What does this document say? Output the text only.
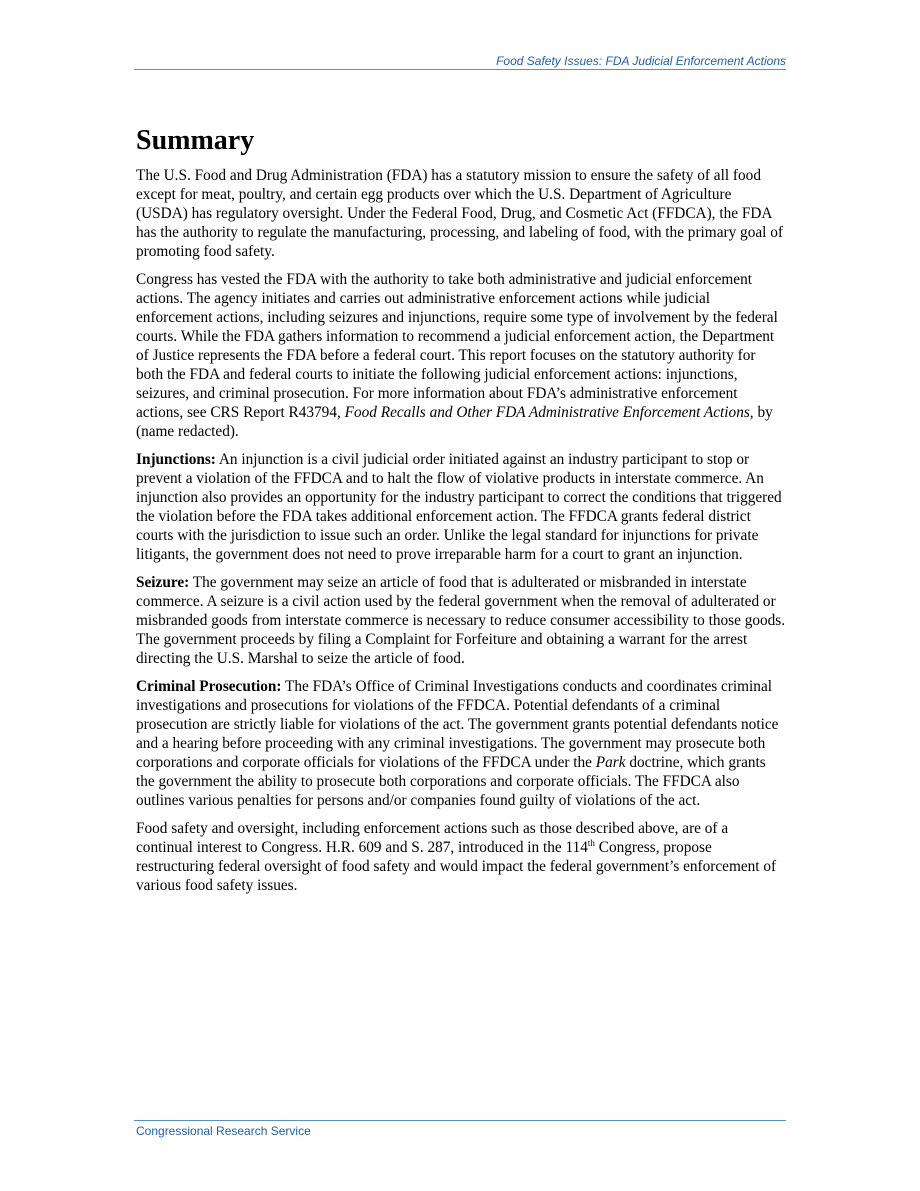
Food Safety Issues: FDA Judicial Enforcement Actions
Summary

The U.S. Food and Drug Administration (FDA) has a statutory mission to ensure the safety of all food except for meat, poultry, and certain egg products over which the U.S. Department of Agriculture (USDA) has regulatory oversight. Under the Federal Food, Drug, and Cosmetic Act (FFDCA), the FDA has the authority to regulate the manufacturing, processing, and labeling of food, with the primary goal of promoting food safety.

Congress has vested the FDA with the authority to take both administrative and judicial enforcement actions. The agency initiates and carries out administrative enforcement actions while judicial enforcement actions, including seizures and injunctions, require some type of involvement by the federal courts. While the FDA gathers information to recommend a judicial enforcement action, the Department of Justice represents the FDA before a federal court. This report focuses on the statutory authority for both the FDA and federal courts to initiate the following judicial enforcement actions: injunctions, seizures, and criminal prosecution. For more information about FDA’s administrative enforcement actions, see CRS Report R43794, Food Recalls and Other FDA Administrative Enforcement Actions, by (name redacted).

Injunctions: An injunction is a civil judicial order initiated against an industry participant to stop or prevent a violation of the FFDCA and to halt the flow of violative products in interstate commerce. An injunction also provides an opportunity for the industry participant to correct the conditions that triggered the violation before the FDA takes additional enforcement action. The FFDCA grants federal district courts with the jurisdiction to issue such an order. Unlike the legal standard for injunctions for private litigants, the government does not need to prove irreparable harm for a court to grant an injunction.

Seizure: The government may seize an article of food that is adulterated or misbranded in interstate commerce. A seizure is a civil action used by the federal government when the removal of adulterated or misbranded goods from interstate commerce is necessary to reduce consumer accessibility to those goods. The government proceeds by filing a Complaint for Forfeiture and obtaining a warrant for the arrest directing the U.S. Marshal to seize the article of food.

Criminal Prosecution: The FDA’s Office of Criminal Investigations conducts and coordinates criminal investigations and prosecutions for violations of the FFDCA. Potential defendants of a criminal prosecution are strictly liable for violations of the act. The government grants potential defendants notice and a hearing before proceeding with any criminal investigations. The government may prosecute both corporations and corporate officials for violations of the FFDCA under the Park doctrine, which grants the government the ability to prosecute both corporations and corporate officials. The FFDCA also outlines various penalties for persons and/or companies found guilty of violations of the act.

Food safety and oversight, including enforcement actions such as those described above, are of a continual interest to Congress. H.R. 609 and S. 287, introduced in the 114th Congress, propose restructuring federal oversight of food safety and would impact the federal government’s enforcement of various food safety issues.

Congressional Research Service
